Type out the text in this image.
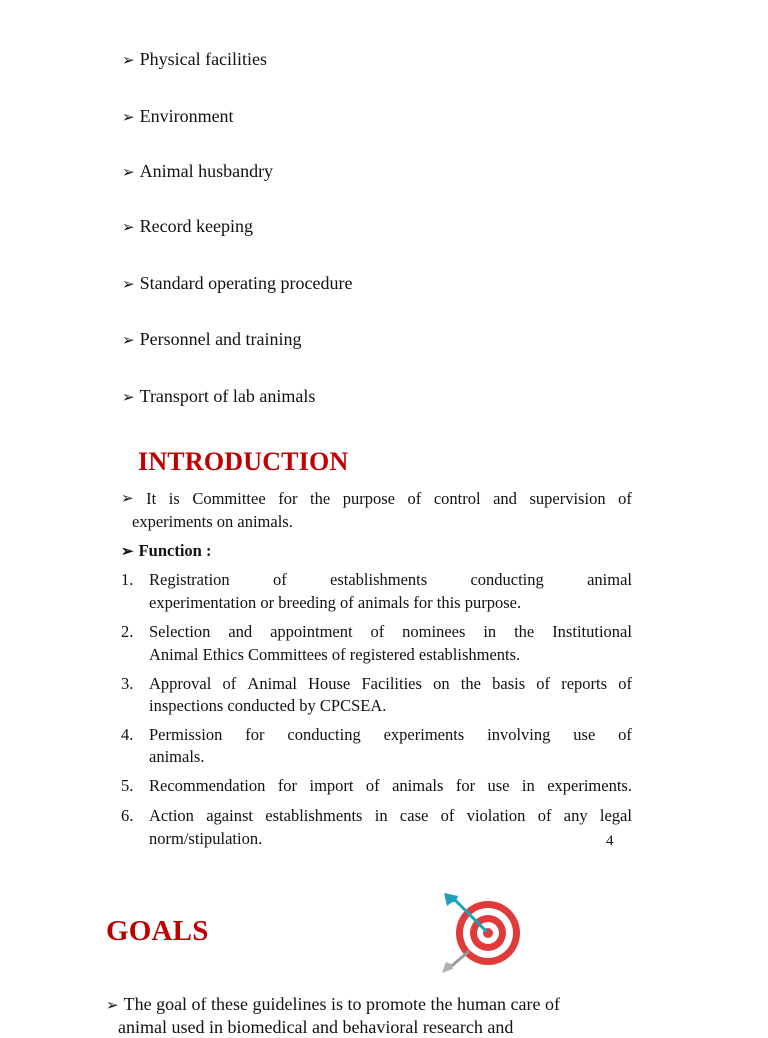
➢ Physical facilities
➢ Environment
➢ Animal husbandry
➢ Record keeping
➢ Standard operating procedure
➢ Personnel and training
➢ Transport of lab animals
INTRODUCTION
➢ It is Committee for the purpose of control and supervision of
experiments on animals.
➢ Function :
1. Registration	of	establishments	conducting	animal
experimentation or breeding of animals for this purpose.
2. Selection and appointment of nominees in the Institutional
Animal Ethics Committees of registered establishments.
3. Approval of Animal House Facilities on the basis of reports of
inspections conducted by CPCSEA.
4. Permission for conducting experiments involving use of
animals.
5. Recommendation for import of animals for use in experiments.
6. Action against establishments in case of violation of any legal
norm/stipulation.	4
GOALS
➢ The goal of these guidelines is to promote the human care of
animal used in biomedical and behavioral research and
